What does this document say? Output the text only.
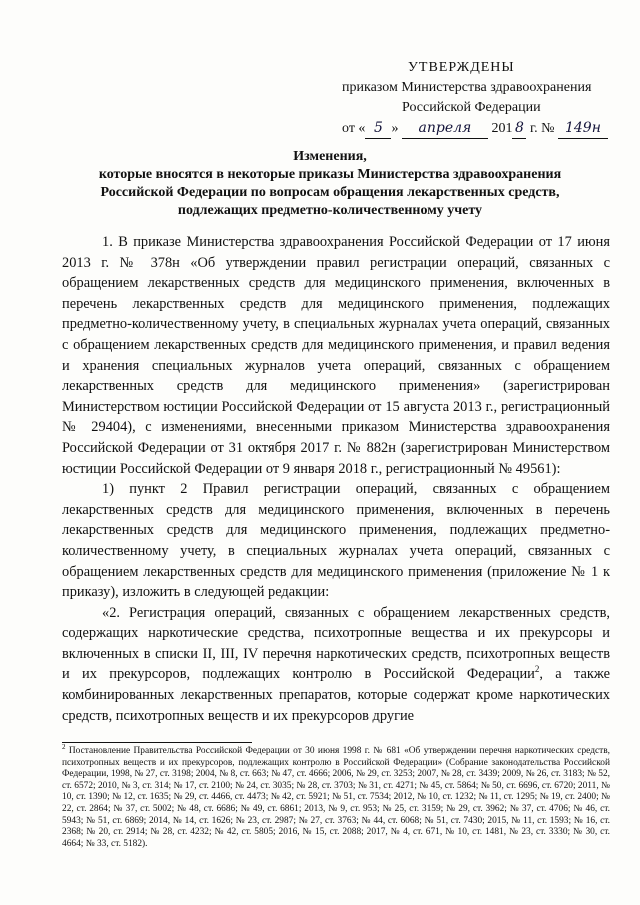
УТВЕРЖДЕНЫ
приказом Министерства здравоохранения
Российской Федерации
от « 5 » апреля 201 8 г. № 149н
Изменения,
которые вносятся в некоторые приказы Министерства здравоохранения
Российской Федерации по вопросам обращения лекарственных средств,
подлежащих предметно-количественному учету

1. В приказе Министерства здравоохранения Российской Федерации от 17 июня 2013 г. № 378н «Об утверждении правил регистрации операций, связанных с обращением лекарственных средств для медицинского применения, включенных в перечень лекарственных средств для медицинского применения, подлежащих предметно-количественному учету, в специальных журналах учета операций, связанных с обращением лекарственных средств для медицинского применения, и правил ведения и хранения специальных журналов учета операций, связанных с обращением лекарственных средств для медицинского применения» (зарегистрирован Министерством юстиции Российской Федерации от 15 августа 2013 г., регистрационный № 29404), с изменениями, внесенными приказом Министерства здравоохранения Российской Федерации от 31 октября 2017 г. № 882н (зарегистрирован Министерством юстиции Российской Федерации от 9 января 2018 г., регистрационный № 49561):

1) пункт 2 Правил регистрации операций, связанных с обращением лекарственных средств для медицинского применения, включенных в перечень лекарственных средств для медицинского применения, подлежащих предметно-количественному учету, в специальных журналах учета операций, связанных с обращением лекарственных средств для медицинского применения (приложение № 1 к приказу), изложить в следующей редакции:

«2. Регистрация операций, связанных с обращением лекарственных средств, содержащих наркотические средства, психотропные вещества и их прекурсоры и включенных в списки II, III, IV перечня наркотических средств, психотропных веществ и их прекурсоров, подлежащих контролю в Российской Федерации$^2$, а также комбинированных лекарственных препаратов, которые содержат кроме наркотических средств, психотропных веществ и их прекурсоров другие

$^2$ Постановление Правительства Российской Федерации от 30 июня 1998 г. № 681 «Об утверждении перечня наркотических средств, психотропных веществ и их прекурсоров, подлежащих контролю в Российской Федерации» (Собрание законодательства Российской Федерации, 1998, № 27, ст. 3198; 2004, № 8, ст. 663; № 47, ст. 4666; 2006, № 29, ст. 3253; 2007, № 28, ст. 3439; 2009, № 26, ст. 3183; № 52, ст. 6572; 2010, № 3, ст. 314; № 17, ст. 2100; № 24, ст. 3035; № 28, ст. 3703; № 31, ст. 4271; № 45, ст. 5864; № 50, ст. 6696, ст. 6720; 2011, № 10, ст. 1390; № 12, ст. 1635; № 29, ст. 4466, ст. 4473; № 42, ст. 5921; № 51, ст. 7534; 2012, № 10, ст. 1232; № 11, ст. 1295; № 19, ст. 2400; № 22, ст. 2864; № 37, ст. 5002; № 48, ст. 6686; № 49, ст. 6861; 2013, № 9, ст. 953; № 25, ст. 3159; № 29, ст. 3962; № 37, ст. 4706; № 46, ст. 5943; № 51, ст. 6869; 2014, № 14, ст. 1626; № 23, ст. 2987; № 27, ст. 3763; № 44, ст. 6068; № 51, ст. 7430; 2015, № 11, ст. 1593; № 16, ст. 2368; № 20, ст. 2914; № 28, ст. 4232; № 42, ст. 5805; 2016, № 15, ст. 2088; 2017, № 4, ст. 671, № 10, ст. 1481, № 23, ст. 3330; № 30, ст. 4664; № 33, ст. 5182).
